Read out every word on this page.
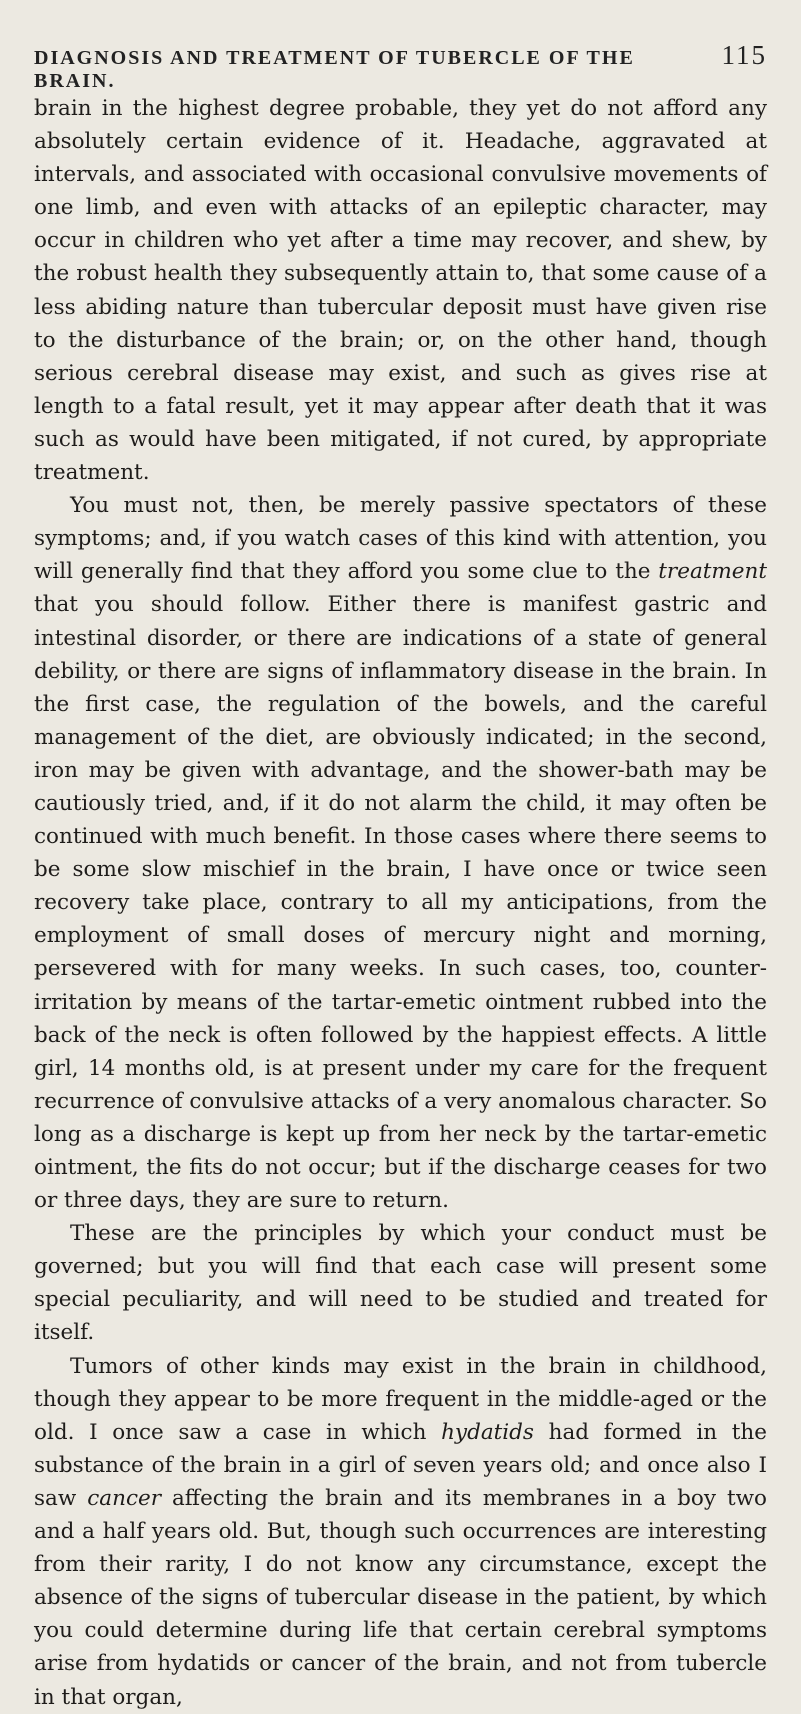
DIAGNOSIS AND TREATMENT OF TUBERCLE OF THE BRAIN.
115

brain in the highest degree probable, they yet do not afford any absolutely certain evidence of it. Headache, aggravated at intervals, and associated with occasional convulsive movements of one limb, and even with attacks of an epileptic character, may occur in children who yet after a time may recover, and shew, by the robust health they subsequently attain to, that some cause of a less abiding nature than tubercular deposit must have given rise to the disturbance of the brain; or, on the other hand, though serious cerebral disease may exist, and such as gives rise at length to a fatal result, yet it may appear after death that it was such as would have been mitigated, if not cured, by appropriate treatment.

You must not, then, be merely passive spectators of these symptoms; and, if you watch cases of this kind with attention, you will generally find that they afford you some clue to the treatment that you should follow. Either there is manifest gastric and intestinal disorder, or there are indications of a state of general debility, or there are signs of inflammatory disease in the brain. In the first case, the regulation of the bowels, and the careful management of the diet, are obviously indicated; in the second, iron may be given with advantage, and the shower-bath may be cautiously tried, and, if it do not alarm the child, it may often be continued with much benefit. In those cases where there seems to be some slow mischief in the brain, I have once or twice seen recovery take place, contrary to all my anticipations, from the employment of small doses of mercury night and morning, persevered with for many weeks. In such cases, too, counter-irritation by means of the tartar-emetic ointment rubbed into the back of the neck is often followed by the happiest effects. A little girl, 14 months old, is at present under my care for the frequent recurrence of convulsive attacks of a very anomalous character. So long as a discharge is kept up from her neck by the tartar-emetic ointment, the fits do not occur; but if the discharge ceases for two or three days, they are sure to return.

These are the principles by which your conduct must be governed; but you will find that each case will present some special peculiarity, and will need to be studied and treated for itself.

Tumors of other kinds may exist in the brain in childhood, though they appear to be more frequent in the middle-aged or the old. I once saw a case in which hydatids had formed in the substance of the brain in a girl of seven years old; and once also I saw cancer affecting the brain and its membranes in a boy two and a half years old. But, though such occurrences are interesting from their rarity, I do not know any circumstance, except the absence of the signs of tubercular disease in the patient, by which you could determine during life that certain cerebral symptoms arise from hydatids or cancer of the brain, and not from tubercle in that organ,
